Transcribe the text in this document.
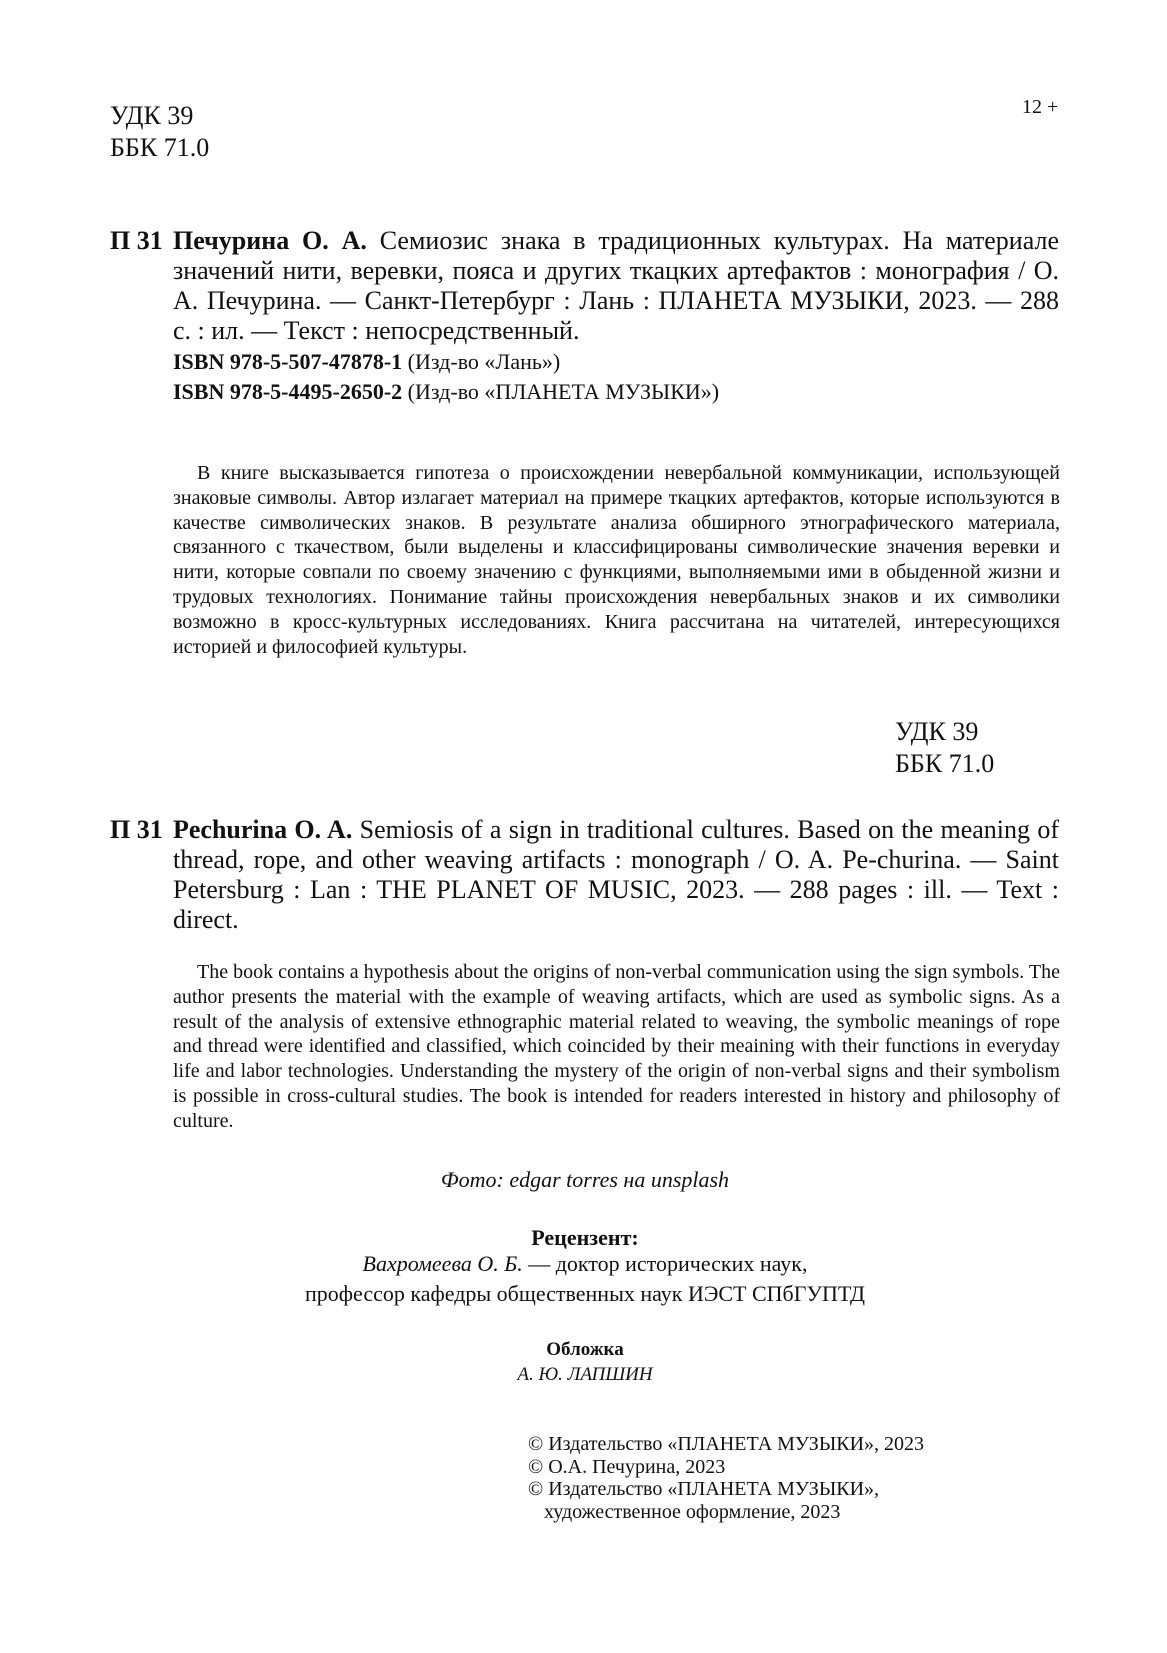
УДК 39
ББК 71.0
12 +
П 31 Печурина О. А. Семиозис знака в традиционных культурах. На материале значений нити, веревки, пояса и других ткацких артефактов : монография / О. А. Печурина. — Санкт-Петербург : Лань : ПЛАНЕТА МУЗЫКИ, 2023. — 288 с. : ил. — Текст : непосредственный.
ISBN 978-5-507-47878-1 (Изд-во «Лань»)
ISBN 978-5-4495-2650-2 (Изд-во «ПЛАНЕТА МУЗЫКИ»)
В книге высказывается гипотеза о происхождении невербальной коммуникации, использующей знаковые символы. Автор излагает материал на примере ткацких артефактов, которые используются в качестве символических знаков. В результате анализа обширного этнографического материала, связанного с ткачеством, были выделены и классифицированы символические значения веревки и нити, которые совпали по своему значению с функциями, выполняемыми ими в обыденной жизни и трудовых технологиях. Понимание тайны происхождения невербальных знаков и их символики возможно в кросс-культурных исследованиях. Книга рассчитана на читателей, интересующихся историей и философией культуры.
УДК 39
ББК 71.0
П 31 Pechurina O. A. Semiosis of a sign in traditional cultures. Based on the meaning of thread, rope, and other weaving artifacts : monograph / O. A. Pe-churina. — Saint Petersburg : Lan : THE PLANET OF MUSIC, 2023. — 288 pages : ill. — Text : direct.
The book contains a hypothesis about the origins of non-verbal communication using the sign symbols. The author presents the material with the example of weaving artifacts, which are used as symbolic signs. As a result of the analysis of extensive ethnographic material related to weaving, the symbolic meanings of rope and thread were identified and classified, which coincided by their meaining with their functions in everyday life and labor technologies. Understanding the mystery of the origin of non-verbal signs and their symbolism is possible in cross-cultural studies. The book is intended for readers interested in history and philosophy of culture.
Фото: edgar torres на unsplash
Рецензент:
Вахромеева О. Б. — доктор исторических наук,
профессор кафедры общественных наук ИЭСТ СПбГУПТД
Обложка
А. Ю. ЛАПШИН
© Издательство «ПЛАНЕТА МУЗЫКИ», 2023
© О.А. Печурина, 2023
© Издательство «ПЛАНЕТА МУЗЫКИ»,
художественное оформление, 2023
